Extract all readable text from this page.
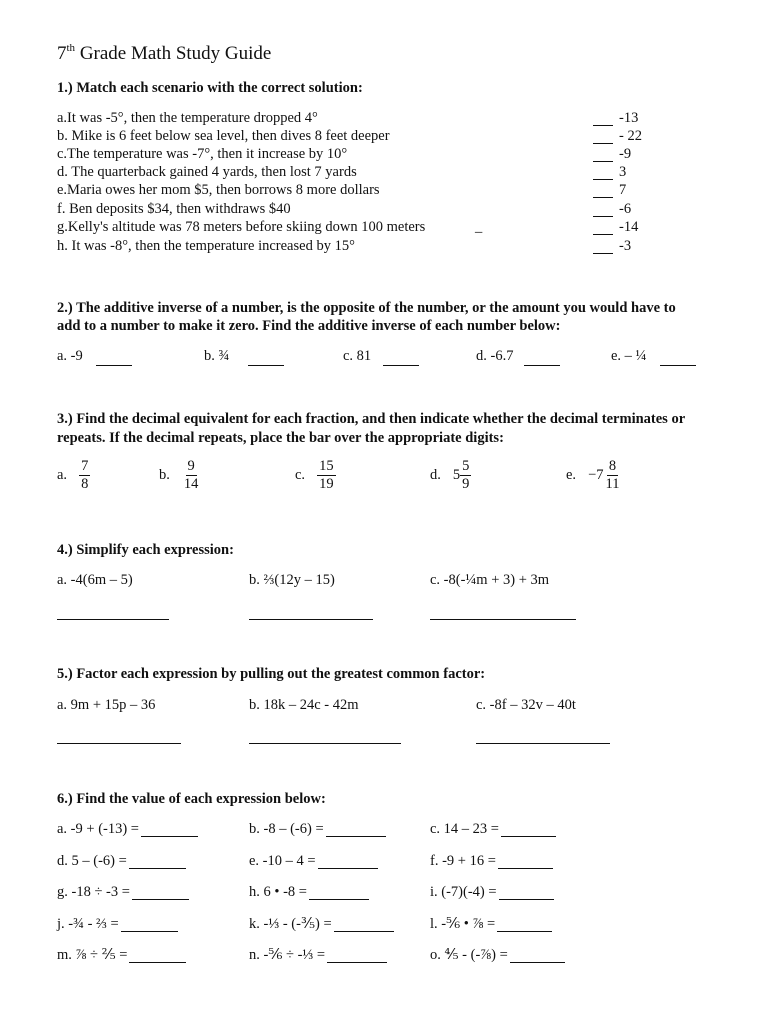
7th Grade Math Study Guide
1.) Match each scenario with the correct solution:
2.) The additive inverse of a number, is the opposite of the number, or the amount you would have to
add to a number to make it zero. Find the additive inverse of each number below:
3.) Find the decimal equivalent for each fraction, and then indicate whether the decimal terminates or
repeats. If the decimal repeats, place the bar over the appropriate digits:
4.) Simplify each expression:
5.) Factor each expression by pulling out the greatest common factor:
6.) Find the value of each expression below:
a.It was -5°, then the temperature dropped 4°	-13
b. Mike is 6 feet below sea level, then dives 8 feet deeper	- 22
c.The temperature was -7°, then it increase by 10°	-9
d. The quarterback gained 4 yards, then lost 7 yards	3
e.Maria owes her mom $5, then borrows 8 more dollars	7
f. Ben deposits $34, then withdraws $40	-6
g.Kelly's altitude was 78 meters before skiing down 100 meters	-14
h. It was -8°, then the temperature increased by 15°	-3
_
a. -9	b. ¾	c. 81	d. -6.7	e. – ¼
a. $\frac{7}{8}$	b. $\frac{9}{14}$	c. $\frac{15}{19}$	d. $5 \frac{5}{9}$	e. $-7 \frac{8}{11}$
a. -4(6m – 5)	b. ⅔(12y – 15)	c. -8(-¼m + 3) + 3m
a. 9m + 15p – 36	b. 18k – 24c - 42m	c. -8f – 32v – 40t
a. -9 + (-13) =	b. -8 – (-6) =	c. 14 – 23 =
d. 5 – (-6) =	e. -10 – 4 =	f. -9 + 16 =
g. -18 ÷ -3 =	h. 6 • -8 =	i. (-7)(-4) =
j. -¾ - ⅔ =	k. -⅓ - (-⅗) =	l. -⅚ • ⅞ =
m. ⅞ ÷ ⅖ =	n. -⅚ ÷ -⅓ =	o. ⅘ - (-⅞) =
